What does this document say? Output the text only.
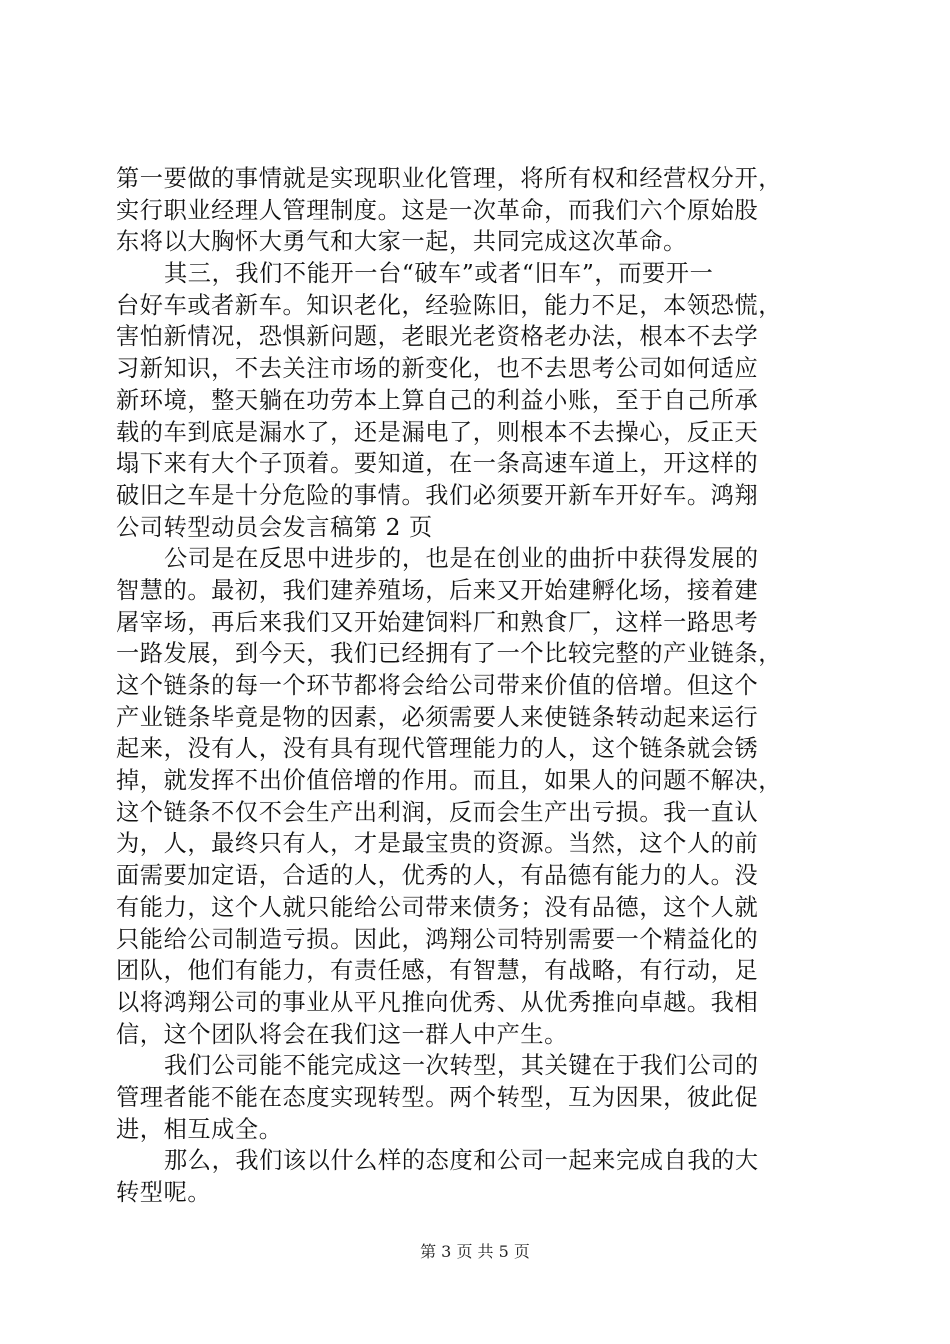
第一要做的事情就是实现职业化管理，将所有权和经营权分开，
实行职业经理人管理制度。这是一次革命，而我们六个原始股
东将以大胸怀大勇气和大家一起，共同完成这次革命。
其三，我们不能开一台“破车”或者“旧车”，而要开一
台好车或者新车。知识老化，经验陈旧，能力不足，本领恐慌，
害怕新情况，恐惧新问题，老眼光老资格老办法，根本不去学
习新知识，不去关注市场的新变化，也不去思考公司如何适应
新环境，整天躺在功劳本上算自己的利益小账，至于自己所承
载的车到底是漏水了，还是漏电了，则根本不去操心，反正天
塌下来有大个子顶着。要知道，在一条高速车道上，开这样的
破旧之车是十分危险的事情。我们必须要开新车开好车。鸿翔
公司转型动员会发言稿第 2 页
公司是在反思中进步的，也是在创业的曲折中获得发展的
智慧的。最初，我们建养殖场，后来又开始建孵化场，接着建
屠宰场，再后来我们又开始建饲料厂和熟食厂，这样一路思考
一路发展，到今天，我们已经拥有了一个比较完整的产业链条，
这个链条的每一个环节都将会给公司带来价值的倍增。但这个
产业链条毕竟是物的因素，必须需要人来使链条转动起来运行
起来，没有人，没有具有现代管理能力的人，这个链条就会锈
掉，就发挥不出价值倍增的作用。而且，如果人的问题不解决，
这个链条不仅不会生产出利润，反而会生产出亏损。我一直认
为，人，最终只有人，才是最宝贵的资源。当然，这个人的前
面需要加定语，合适的人，优秀的人，有品德有能力的人。没
有能力，这个人就只能给公司带来债务；没有品德，这个人就
只能给公司制造亏损。因此，鸿翔公司特别需要一个精益化的
团队，他们有能力，有责任感，有智慧，有战略，有行动，足
以将鸿翔公司的事业从平凡推向优秀、从优秀推向卓越。我相
信，这个团队将会在我们这一群人中产生。
我们公司能不能完成这一次转型，其关键在于我们公司的
管理者能不能在态度实现转型。两个转型，互为因果，彼此促
进，相互成全。
那么，我们该以什么样的态度和公司一起来完成自我的大
转型呢。
第 3 页 共 5 页
